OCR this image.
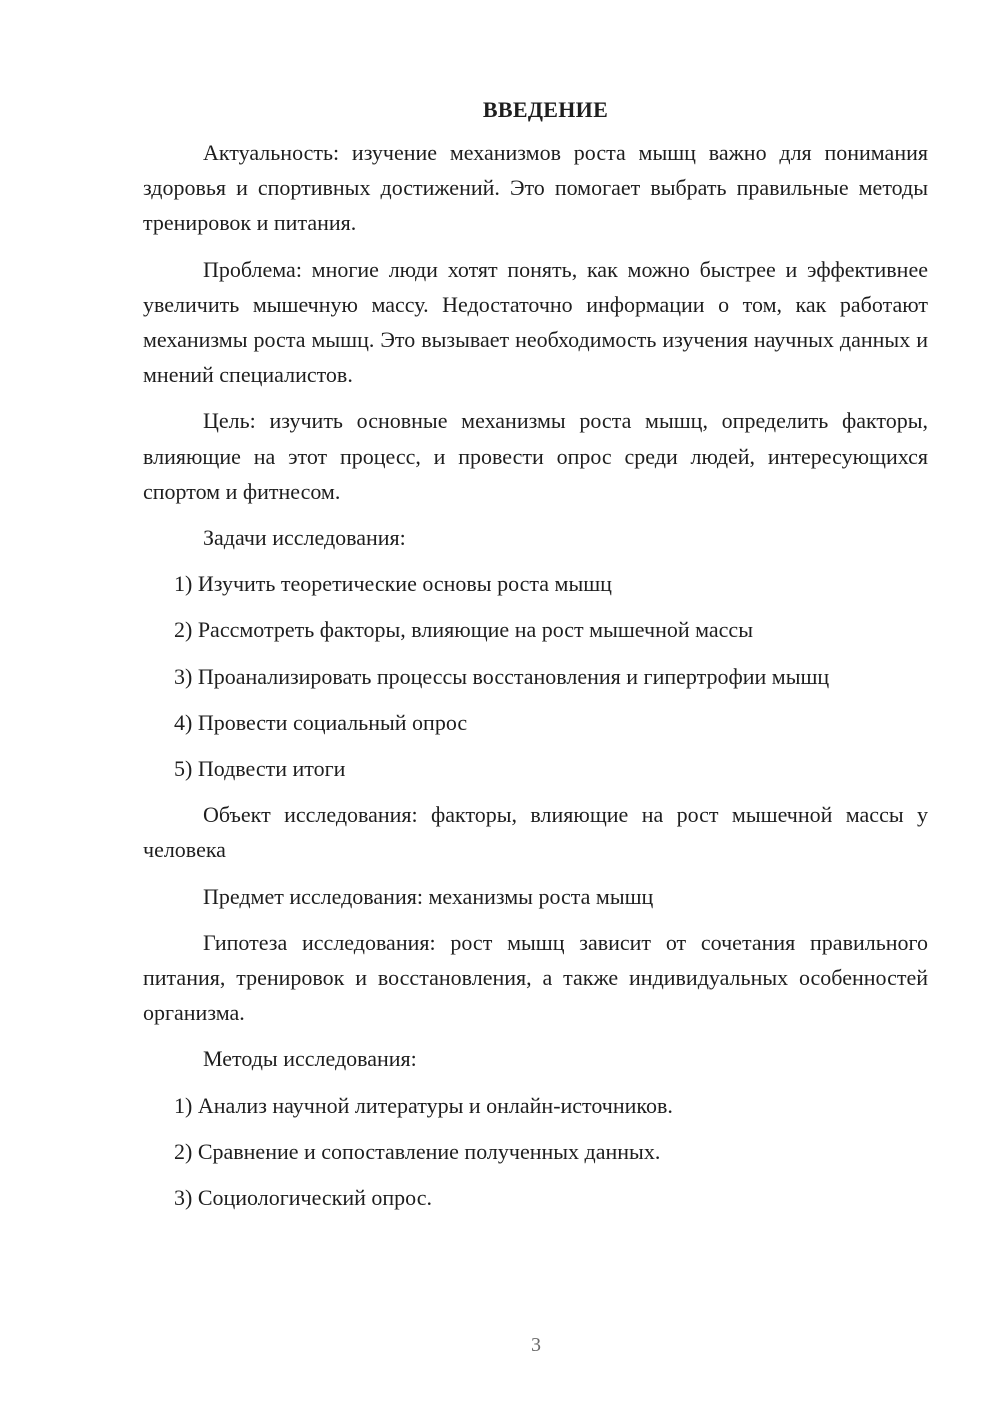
ВВЕДЕНИЕ

Актуальность: изучение механизмов роста мышц важно для понимания здоровья и спортивных достижений. Это помогает выбрать правильные методы тренировок и питания.

Проблема: многие люди хотят понять, как можно быстрее и эффективнее увеличить мышечную массу. Недостаточно информации о том, как работают механизмы роста мышц. Это вызывает необходимость изучения научных данных и мнений специалистов.

Цель: изучить основные механизмы роста мышц, определить факторы, влияющие на этот процесс, и провести опрос среди людей, интересующихся спортом и фитнесом.

Задачи исследования:

1) Изучить теоретические основы роста мышц
2) Рассмотреть факторы, влияющие на рост мышечной массы
3) Проанализировать процессы восстановления и гипертрофии мышц
4) Провести социальный опрос
5) Подвести итоги

Объект исследования: факторы, влияющие на рост мышечной массы у человека

Предмет исследования: механизмы роста мышц

Гипотеза исследования: рост мышц зависит от сочетания правильного питания, тренировок и восстановления, а также индивидуальных особенностей организма.

Методы исследования:

1) Анализ научной литературы и онлайн-источников.
2) Сравнение и сопоставление полученных данных.
3) Социологический опрос.
3
